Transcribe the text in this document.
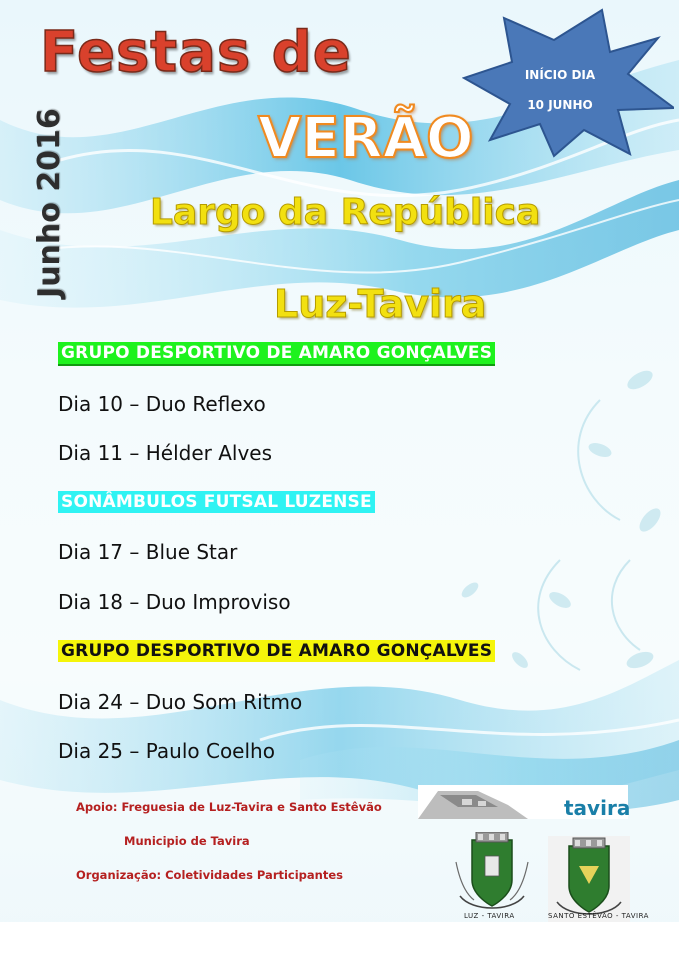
Festas de
VERÃO
Largo da República
Luz-Tavira
Junho 2016
INÍCIO DIA
10 JUNHO
GRUPO DESPORTIVO DE AMARO GONÇALVES
Dia 10 – Duo Reflexo
Dia 11 – Hélder Alves
SONÂMBULOS FUTSAL LUZENSE
Dia 17 – Blue Star
Dia 18 – Duo Improviso
GRUPO DESPORTIVO DE AMARO GONÇALVES
Dia 24 – Duo Som Ritmo
Dia 25 – Paulo Coelho
Apoio: Freguesia de Luz-Tavira e Santo Estêvão
Municipio de Tavira
Organização: Coletividades Participantes
tavira
LUZ - TAVIRA	SANTO ESTÊVÃO - TAVIRA
